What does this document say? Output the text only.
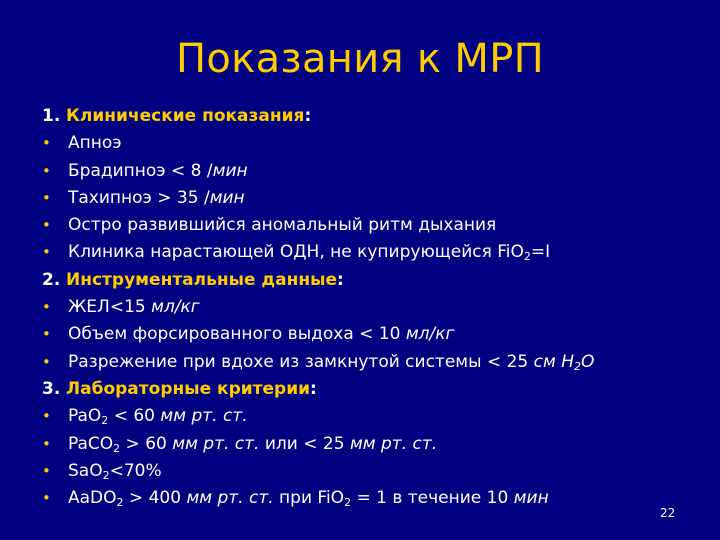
Показания к МРП
1. Клинические показания:
• Апноэ
• Брадипноэ < 8 /мин
• Тахипноэ > 35 /мин
• Остро развившийся аномальный ритм дыхания
• Клиника нарастающей ОДН, не купирующейся FiO$_2$=I
2. Инструментальные данные:
• ЖЕЛ<15 мл/кг
• Объем форсированного выдоха < 10 мл/кг
• Разрежение при вдохе из замкнутой системы < 25 см $H_2O$
3. Лабораторные критерии:
• PaO$_2$ < 60 мм рт. ст.
• PaCO$_2$ > 60 мм рт. ст. или < 25 мм рт. ст.
• SaO$_2$<70%
• AaDO$_2$ > 400 мм рт. ст. при FiO$_2$ = 1 в течение 10 мин
22
